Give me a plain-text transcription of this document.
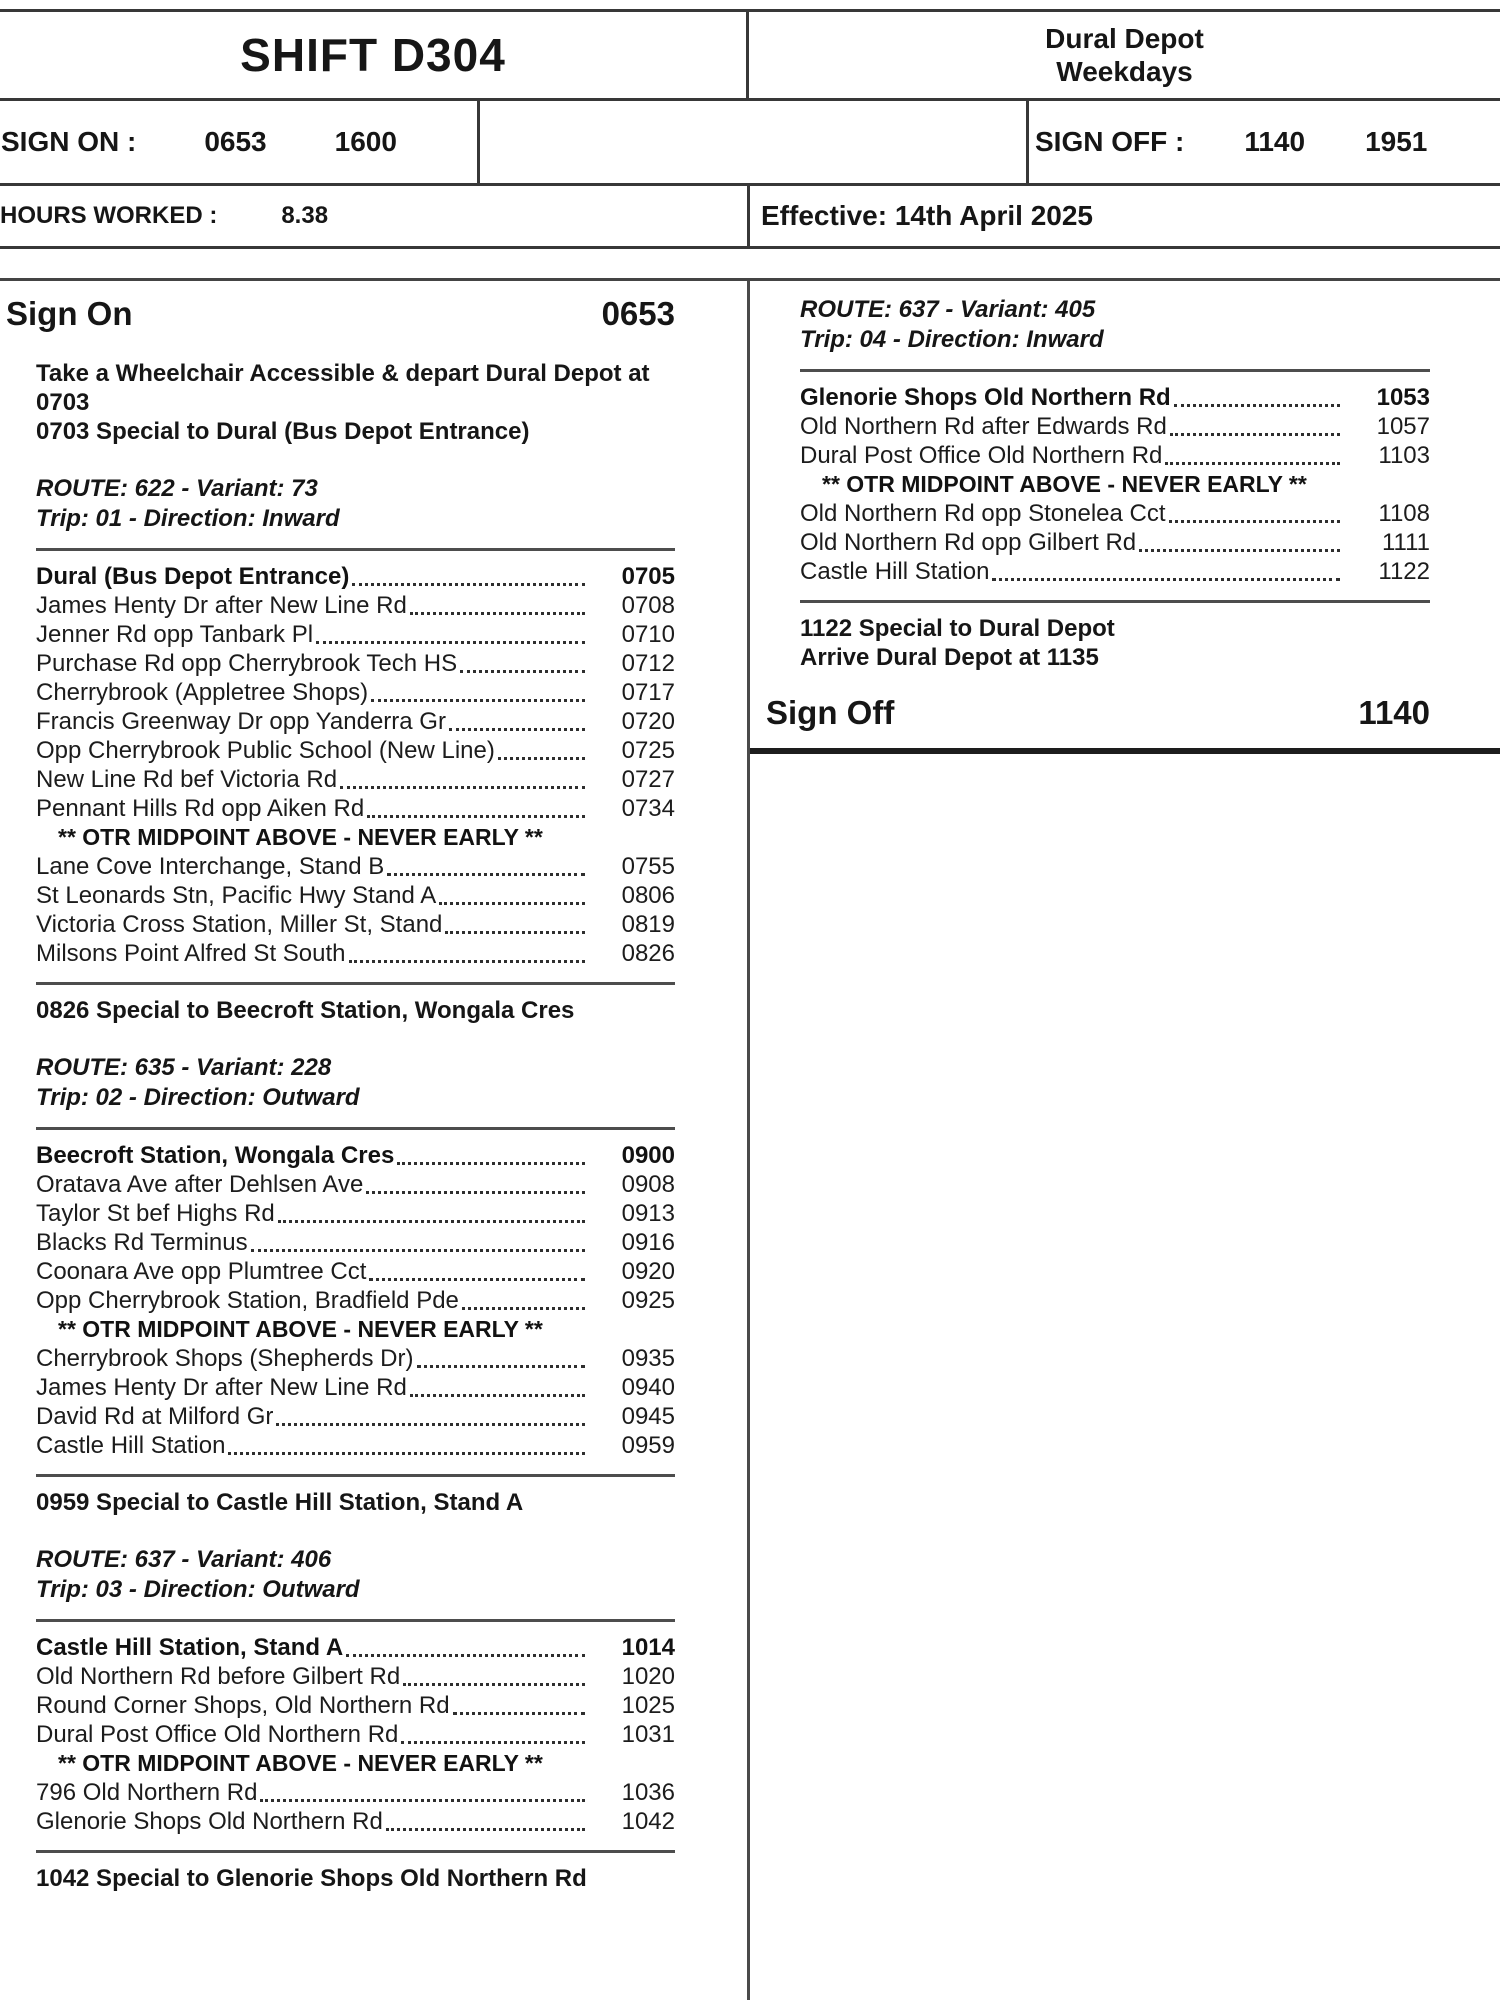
SHIFT D304	Dural Depot
Weekdays
SIGN ON : 0653 1600	SIGN OFF : 1140 1951
HOURS WORKED :	8.38	Effective: 14th April 2025
Sign On	0653
Take a Wheelchair Accessible & depart Dural Depot at
0703
0703 Special to Dural (Bus Depot Entrance)
ROUTE: 622 - Variant: 73
Trip: 01 - Direction: Inward
Dural (Bus Depot Entrance)	0705
James Henty Dr after New Line Rd	0708
Jenner Rd opp Tanbark Pl	0710
Purchase Rd opp Cherrybrook Tech HS	0712
Cherrybrook (Appletree Shops)	0717
Francis Greenway Dr opp Yanderra Gr	0720
Opp Cherrybrook Public School (New Line)	0725
New Line Rd bef Victoria Rd	0727
Pennant Hills Rd opp Aiken Rd	0734
** OTR MIDPOINT ABOVE - NEVER EARLY **
Lane Cove Interchange, Stand B	0755
St Leonards Stn, Pacific Hwy Stand A	0806
Victoria Cross Station, Miller St, Stand	0819
Milsons Point Alfred St South	0826
0826 Special to Beecroft Station, Wongala Cres
ROUTE: 635 - Variant: 228
Trip: 02 - Direction: Outward
Beecroft Station, Wongala Cres	0900
Oratava Ave after Dehlsen Ave	0908
Taylor St bef Highs Rd	0913
Blacks Rd Terminus	0916
Coonara Ave opp Plumtree Cct	0920
Opp Cherrybrook Station, Bradfield Pde	0925
** OTR MIDPOINT ABOVE - NEVER EARLY **
Cherrybrook Shops (Shepherds Dr)	0935
James Henty Dr after New Line Rd	0940
David Rd at Milford Gr	0945
Castle Hill Station	0959
0959 Special to Castle Hill Station, Stand A
ROUTE: 637 - Variant: 406
Trip: 03 - Direction: Outward
Castle Hill Station, Stand A	1014
Old Northern Rd before Gilbert Rd	1020
Round Corner Shops, Old Northern Rd	1025
Dural Post Office Old Northern Rd	1031
** OTR MIDPOINT ABOVE - NEVER EARLY **
796 Old Northern Rd	1036
Glenorie Shops Old Northern Rd	1042
1042 Special to Glenorie Shops Old Northern Rd
ROUTE: 637 - Variant: 405
Trip: 04 - Direction: Inward
Glenorie Shops Old Northern Rd	1053
Old Northern Rd after Edwards Rd	1057
Dural Post Office Old Northern Rd	1103
** OTR MIDPOINT ABOVE - NEVER EARLY **
Old Northern Rd opp Stonelea Cct	1108
Old Northern Rd opp Gilbert Rd	1111
Castle Hill Station	1122
1122 Special to Dural Depot
Arrive Dural Depot at 1135
Sign Off	1140
